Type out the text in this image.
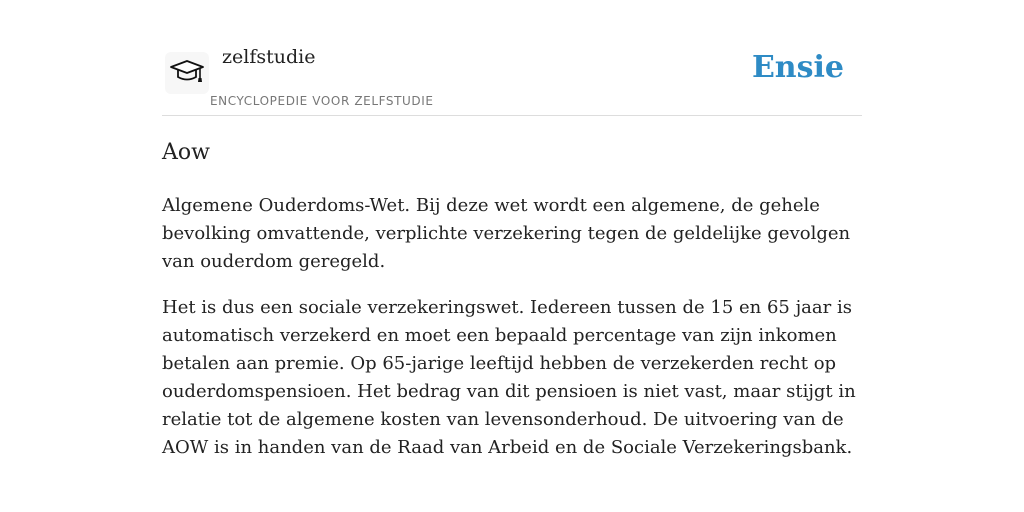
zelfstudie
ENCYCLOPEDIE VOOR ZELFSTUDIE
Ensie
Aow

Algemene Ouderdoms-Wet. Bij deze wet wordt een algemene, de gehele bevolking omvattende, verplichte verzekering tegen de geldelijke gevolgen van ouderdom geregeld.

Het is dus een sociale verzekeringswet. Iedereen tussen de 15 en 65 jaar is automatisch verzekerd en moet een bepaald percentage van zijn inkomen betalen aan premie. Op 65-jarige leeftijd hebben de verzekerden recht op ouderdomspensioen. Het bedrag van dit pensioen is niet vast, maar stijgt in relatie tot de algemene kosten van levensonderhoud. De uitvoering van de AOW is in handen van de Raad van Arbeid en de Sociale Verzekeringsbank.
